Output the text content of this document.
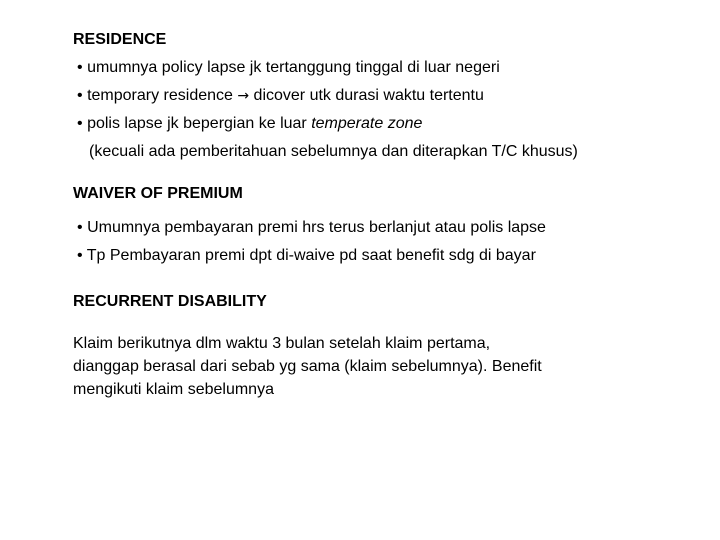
RESIDENCE
• umumnya policy lapse jk tertanggung tinggal di luar negeri
• temporary residence → dicover utk durasi waktu tertentu
• polis lapse jk bepergian ke luar temperate zone
(kecuali ada pemberitahuan sebelumnya dan diterapkan T/C khusus)
WAIVER OF PREMIUM
• Umumnya pembayaran premi hrs terus berlanjut atau polis lapse
• Tp Pembayaran premi dpt di-waive pd saat benefit sdg di bayar
RECURRENT DISABILITY
Klaim berikutnya dlm waktu 3 bulan setelah klaim pertama,
dianggap berasal dari sebab yg sama (klaim sebelumnya). Benefit
mengikuti klaim sebelumnya
